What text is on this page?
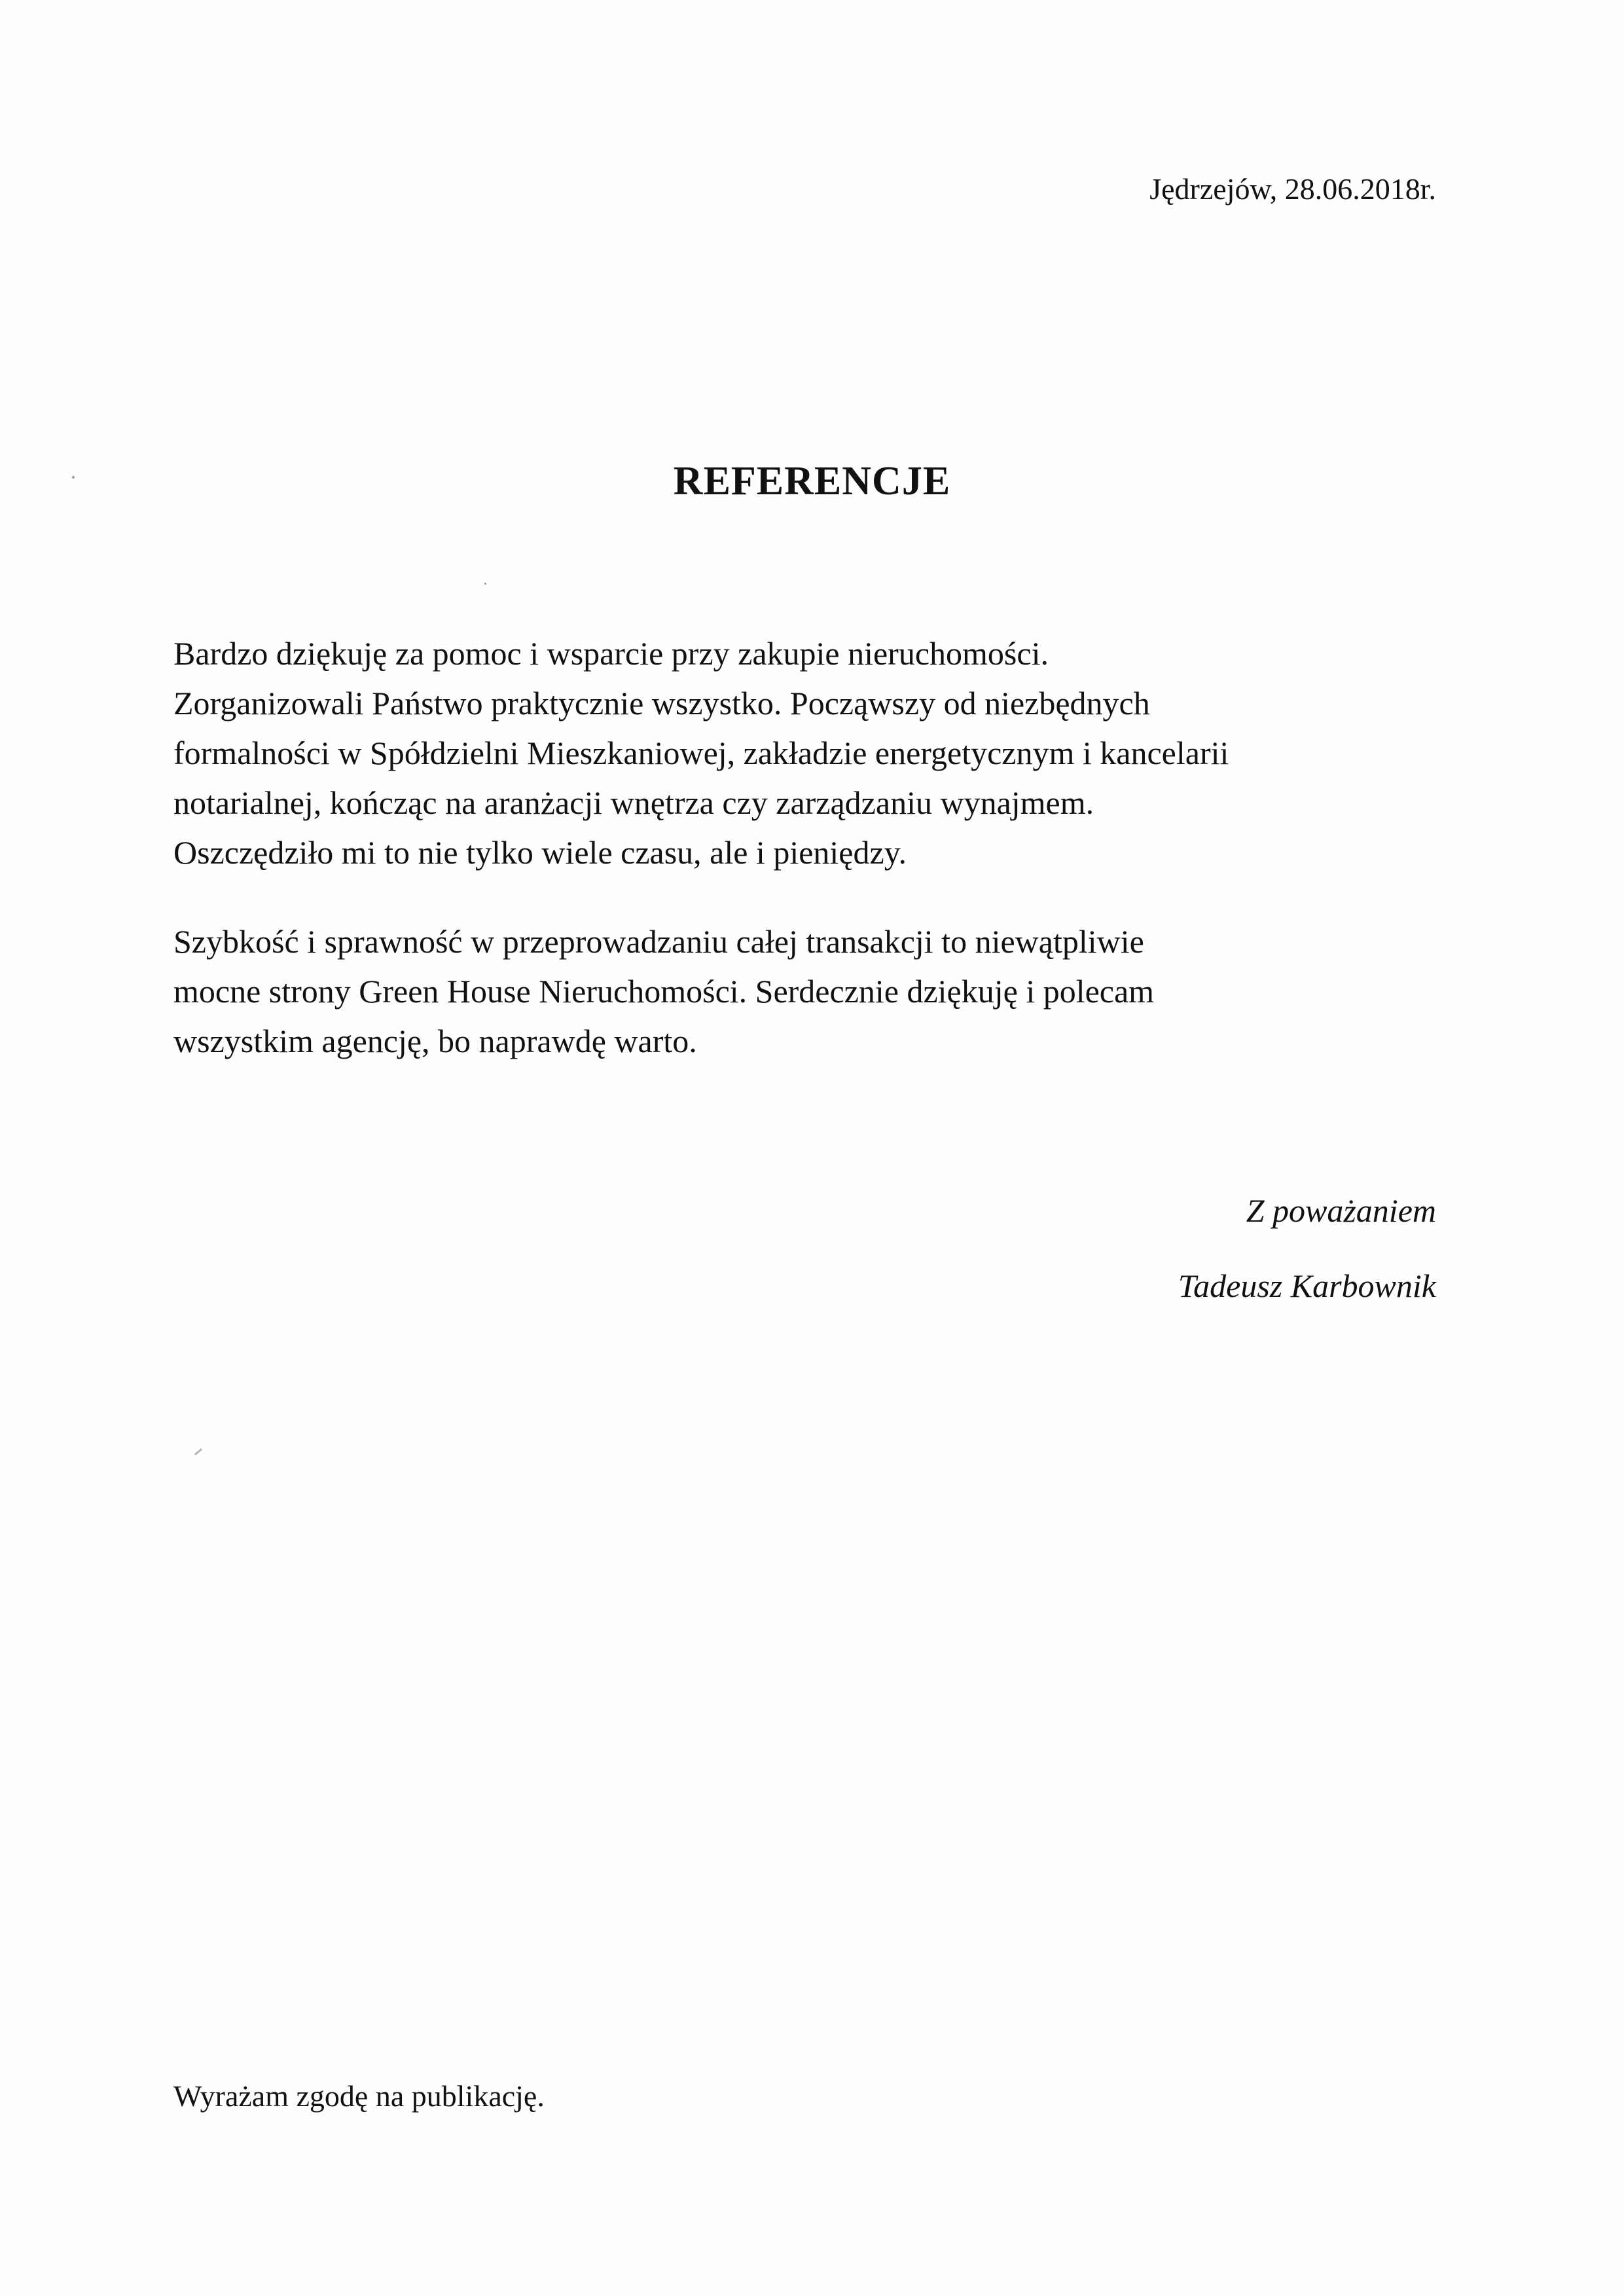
Jędrzejów, 28.06.2018r.
REFERENCJE

Bardzo dziękuję za pomoc i wsparcie przy zakupie nieruchomości.
Zorganizowali Państwo praktycznie wszystko. Począwszy od niezbędnych
formalności w Spółdzielni Mieszkaniowej, zakładzie energetycznym i kancelarii
notarialnej, kończąc na aranżacji wnętrza czy zarządzaniu wynajmem.
Oszczędziło mi to nie tylko wiele czasu, ale i pieniędzy.

Szybkość i sprawność w przeprowadzaniu całej transakcji to niewątpliwie
mocne strony Green House Nieruchomości. Serdecznie dziękuję i polecam
wszystkim agencję, bo naprawdę warto.

Z poważaniem
Tadeusz Karbownik
Wyrażam zgodę na publikację.
